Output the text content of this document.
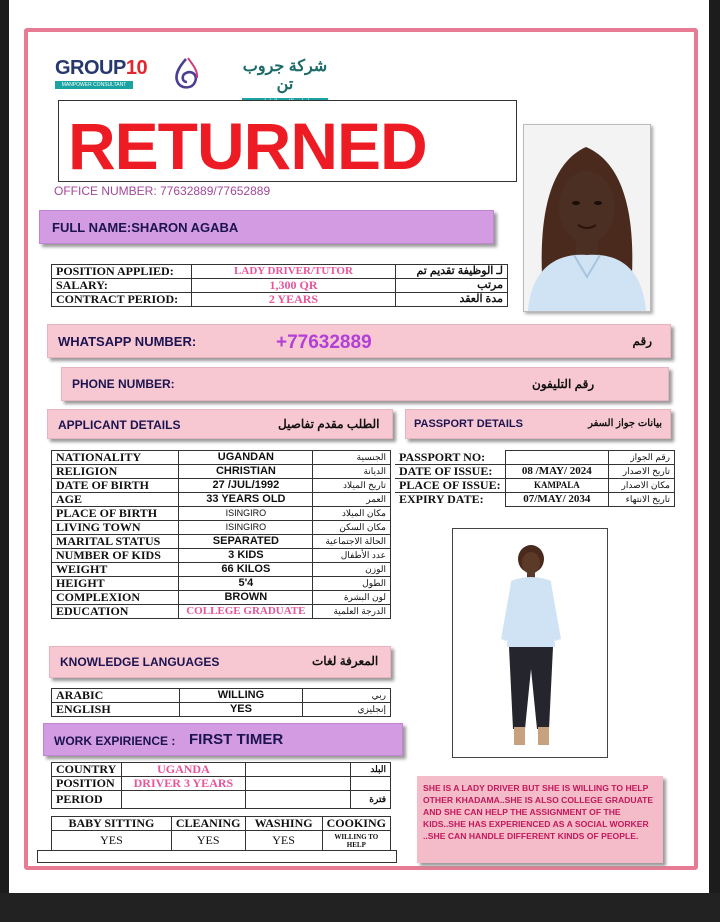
GROUP10
MANPOWER CONSULTANT
شركة جروب تن
RETURNED
OFFICE NUMBER: 77632889/77652889
FULL NAME:SHARON AGABA
POSITION APPLIED:	LADY DRIVER/TUTOR	لـ الوظيفة تقديم تم
SALARY:	1,300 QR	مرتب
CONTRACT PERIOD:	2 YEARS	مدة العقد
WHATSAPP NUMBER:	+77632889	رقم
PHONE NUMBER:	رقم التليفون
APPLICANT DETAILS	الطلب مقدم تفاصيل	PASSPORT DETAILS	بيانات جواز السفر
NATIONALITY	UGANDAN	الجنسية
RELIGION	CHRISTIAN	الديانة
DATE OF BIRTH	27 /JUL/1992	تاريخ الميلاد
AGE	33 YEARS OLD	العمر
PLACE OF BIRTH	ISINGIRO	مكان الميلاد
LIVING TOWN	ISINGIRO	مكان السكن
MARITAL STATUS	SEPARATED	الحالة الاجتماعية
NUMBER OF KIDS	3 KIDS	عدد الأطفال
WEIGHT	66 KILOS	الوزن
HEIGHT	5'4	الطول
COMPLEXION	BROWN	لون البشرة
EDUCATION	COLLEGE GRADUATE	الدرجة العلمية
PASSPORT NO:		رقم الجواز
DATE OF ISSUE:	08 /MAY/ 2024	تاريخ الاصدار
PLACE OF ISSUE:	KAMPALA	مكان الاصدار
EXPIRY DATE:	07/MAY/ 2034	تاريخ الانتهاء
KNOWLEDGE LANGUAGES	المعرفة لغات
ARABIC	WILLING	ربي
ENGLISH	YES	إنجليزي
WORK EXPIRIENCE : FIRST TIMER
COUNTRY	UGANDA		البلد
POSITION	DRIVER 3 YEARS		
PERIOD			فترة
BABY SITTING	CLEANING	WASHING	COOKING
YES	YES	YES	WILLING TO HELP
SHE IS A LADY DRIVER BUT SHE IS WILLING TO HELP OTHER KHADAMA..SHE IS ALSO COLLEGE GRADUATE AND SHE CAN HELP THE ASSIGNMENT OF THE KIDS..SHE HAS EXPERIENCED AS A SOCIAL WORKER ..SHE CAN HANDLE DIFFERENT KINDS OF PEOPLE.
